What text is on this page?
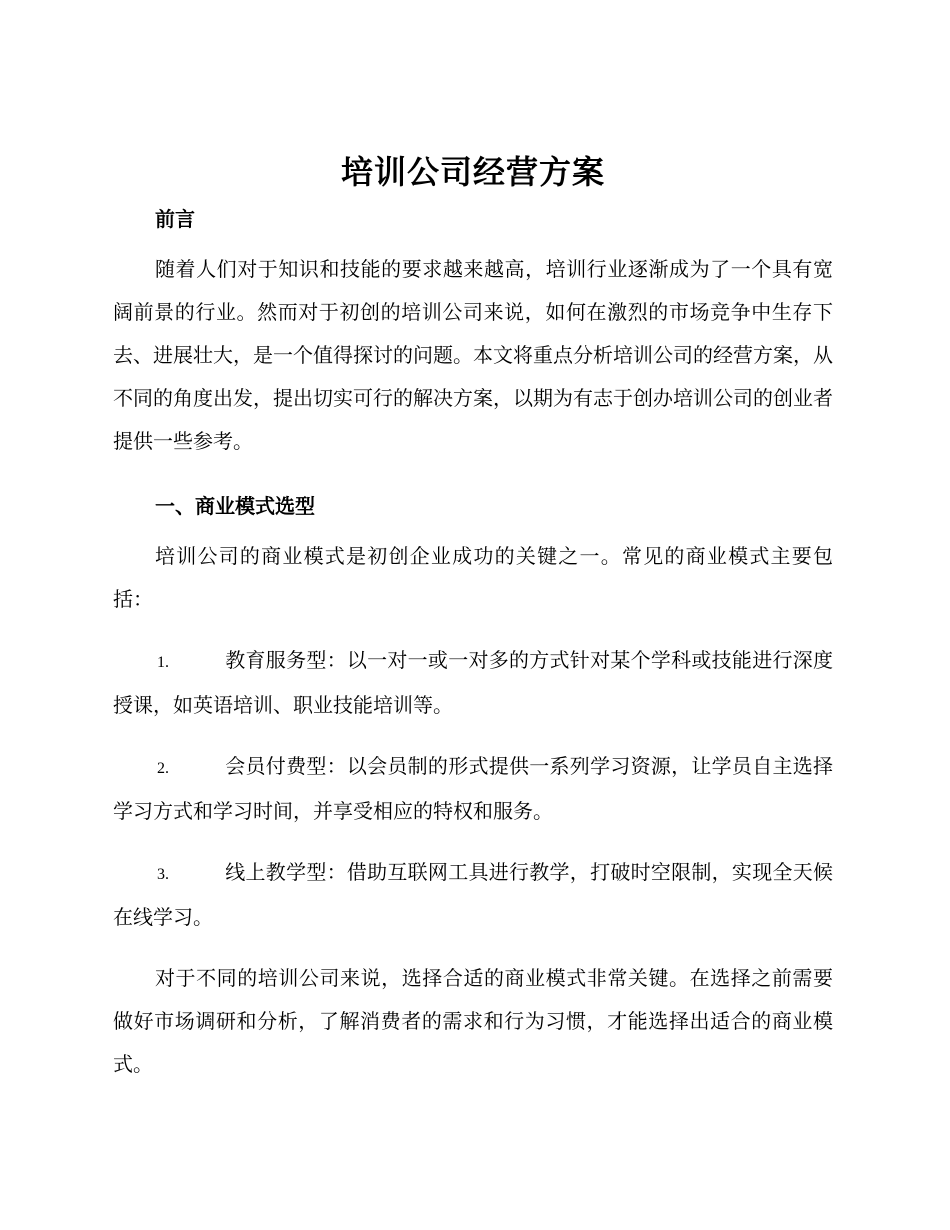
培训公司经营方案
前言

随着人们对于知识和技能的要求越来越高，培训行业逐渐成为了一个具有宽阔前景的行业。然而对于初创的培训公司来说，如何在激烈的市场竞争中生存下去、进展壮大，是一个值得探讨的问题。本文将重点分析培训公司的经营方案，从不同的角度出发，提出切实可行的解决方案，以期为有志于创办培训公司的创业者提供一些参考。

一、商业模式选型

培训公司的商业模式是初创企业成功的关键之一。常见的商业模式主要包括：

1.	教育服务型：以一对一或一对多的方式针对某个学科或技能进行深度授课，如英语培训、职业技能培训等。

2.	会员付费型：以会员制的形式提供一系列学习资源，让学员自主选择学习方式和学习时间，并享受相应的特权和服务。

3.	线上教学型：借助互联网工具进行教学，打破时空限制，实现全天候在线学习。

对于不同的培训公司来说，选择合适的商业模式非常关键。在选择之前需要做好市场调研和分析，了解消费者的需求和行为习惯，才能选择出适合的商业模式。
